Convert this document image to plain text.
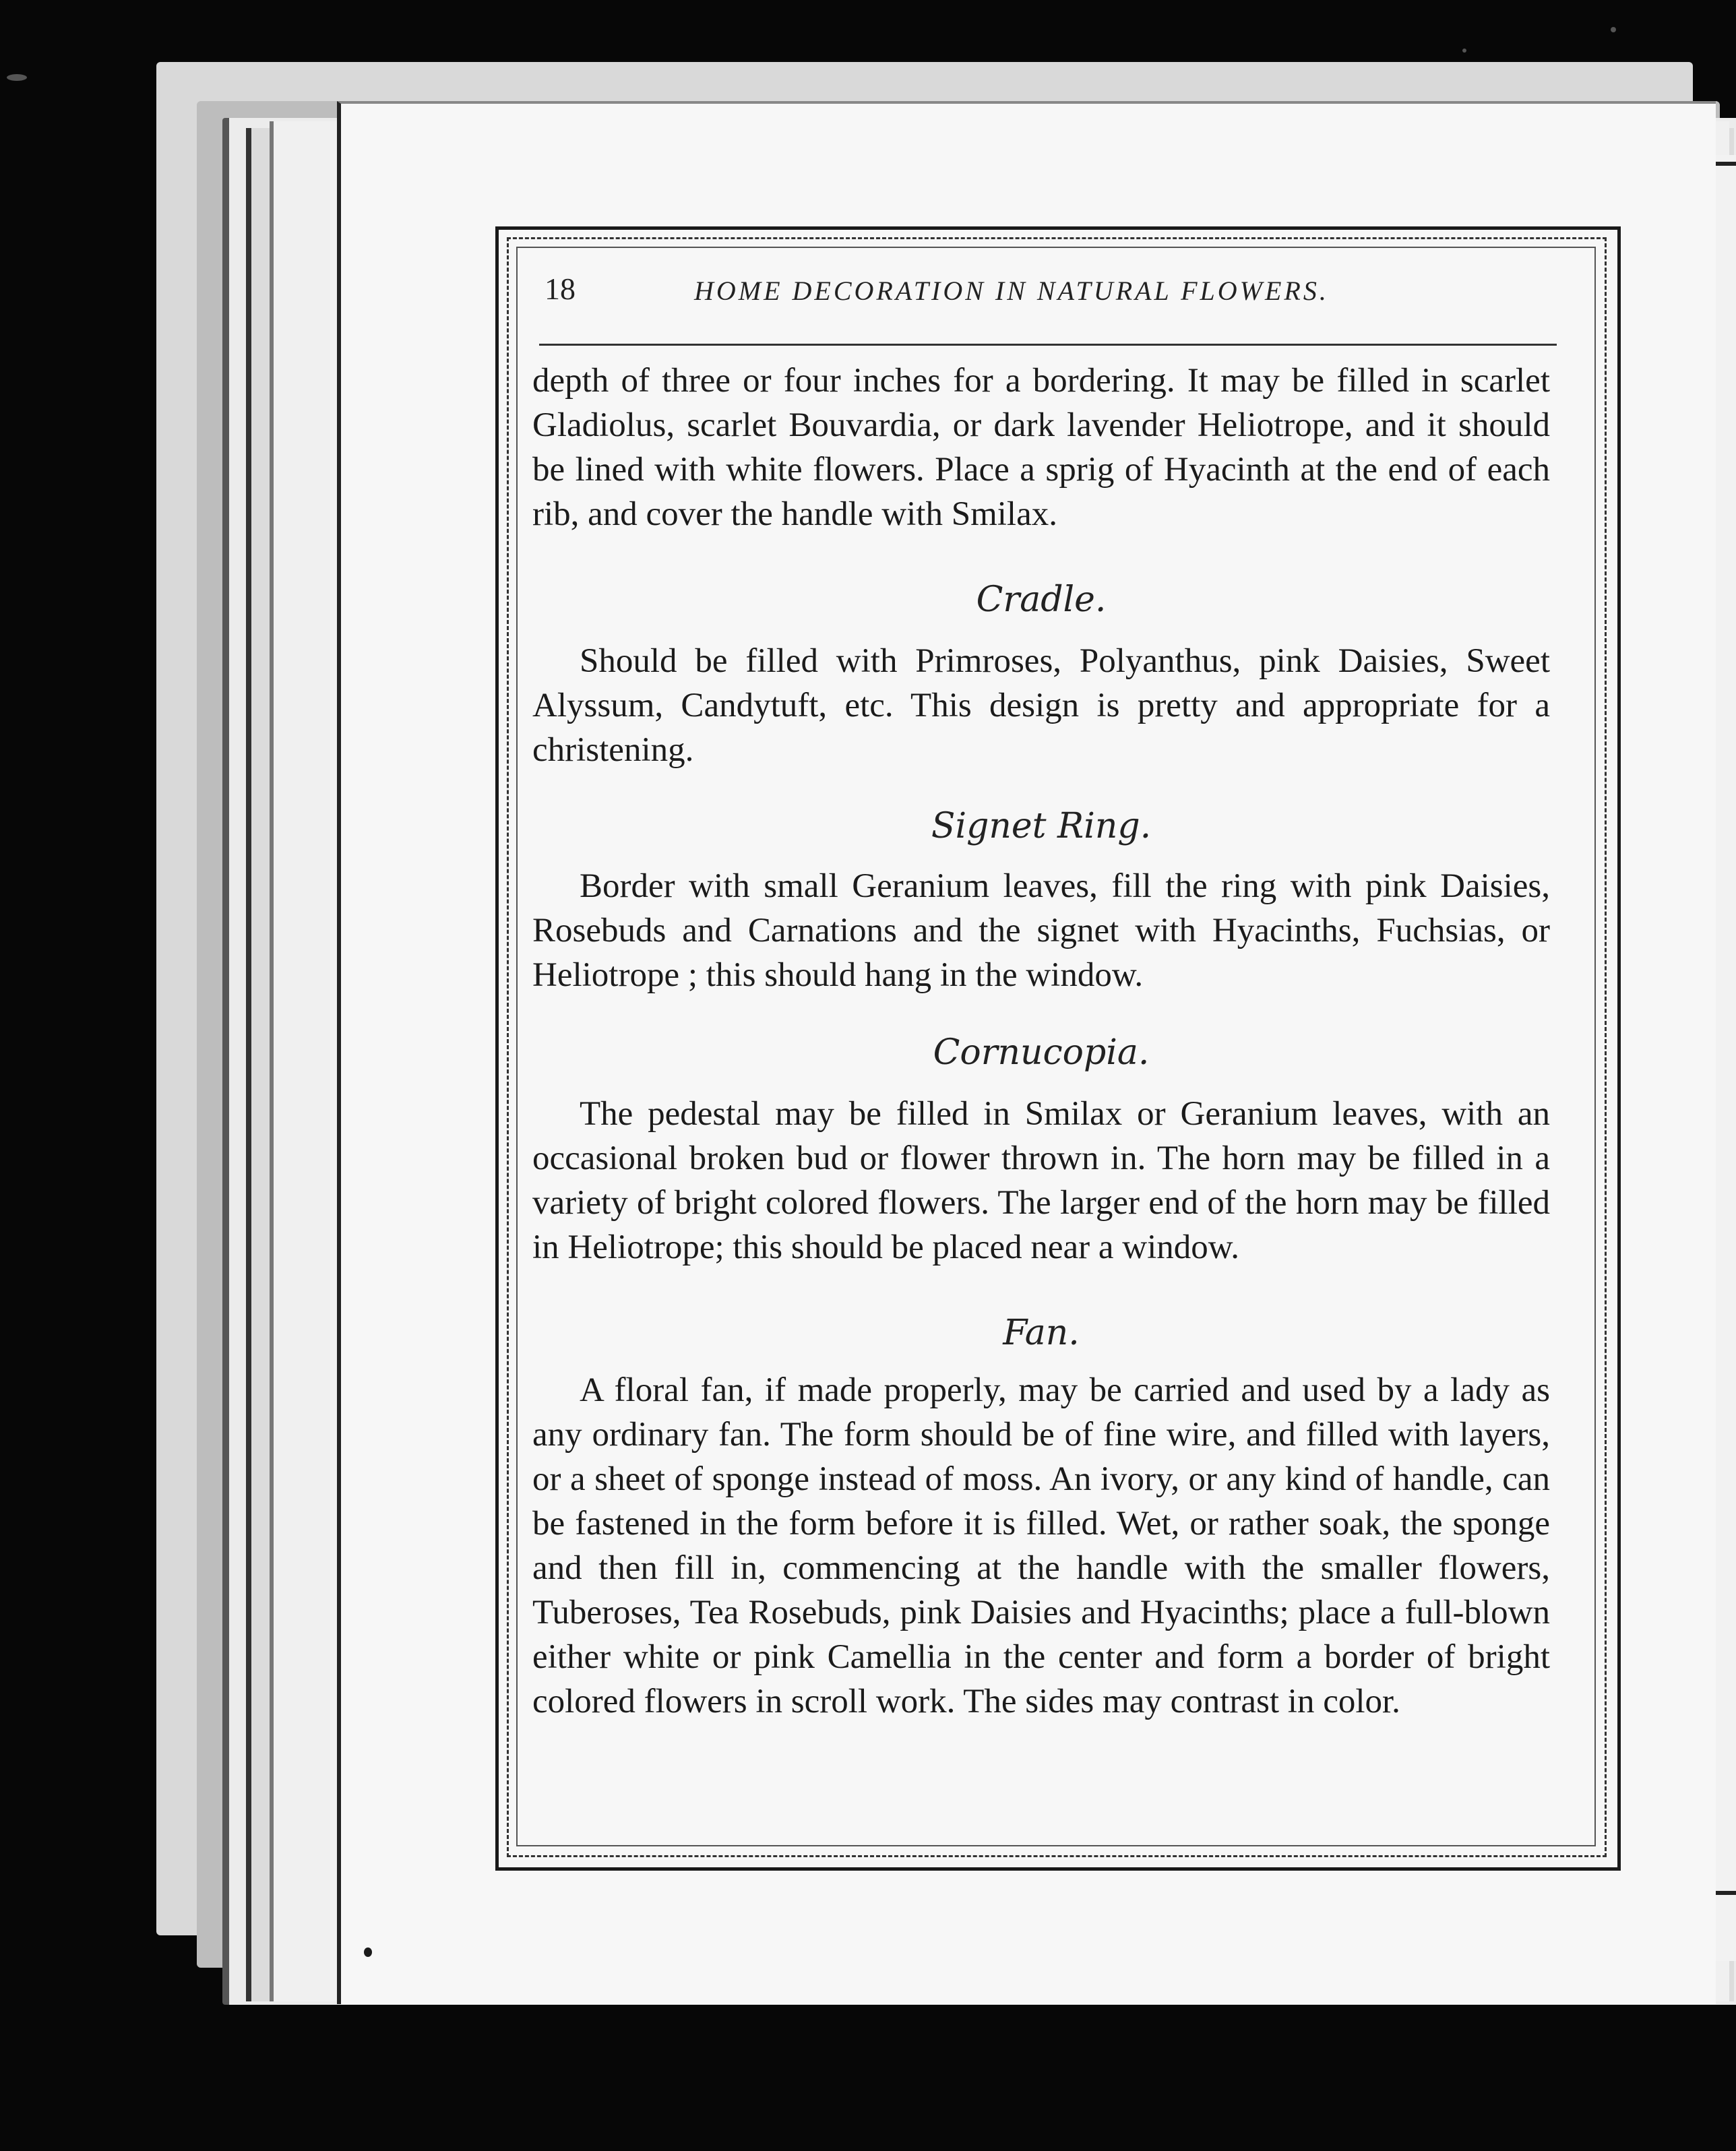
18	HOME DECORATION IN NATURAL FLOWERS.

depth of three or four inches for a bordering. It may be filled in scarlet Gladiolus, scarlet Bouvardia, or dark lavender Heliotrope, and it should be lined with white flowers. Place a sprig of Hyacinth at the end of each rib, and cover the handle with Smilax.

Cradle.

Should be filled with Primroses, Polyanthus, pink Daisies, Sweet Alyssum, Candytuft, etc. This design is pretty and appropriate for a christening.

Signet Ring.

Border with small Geranium leaves, fill the ring with pink Daisies, Rosebuds and Carnations and the signet with Hyacinths, Fuchsias, or Heliotrope ; this should hang in the window.

Cornucopia.

The pedestal may be filled in Smilax or Geranium leaves, with an occasional broken bud or flower thrown in. The horn may be filled in a variety of bright colored flowers. The larger end of the horn may be filled in Heliotrope; this should be placed near a window.

Fan.

A floral fan, if made properly, may be carried and used by a lady as any ordinary fan. The form should be of fine wire, and filled with layers, or a sheet of sponge instead of moss. An ivory, or any kind of handle, can be fastened in the form before it is filled. Wet, or rather soak, the sponge and then fill in, commencing at the handle with the smaller flowers, Tuberoses, Tea Rosebuds, pink Daisies and Hyacinths; place a full-blown either white or pink Camellia in the center and form a border of bright colored flowers in scroll work. The sides may contrast in color.
